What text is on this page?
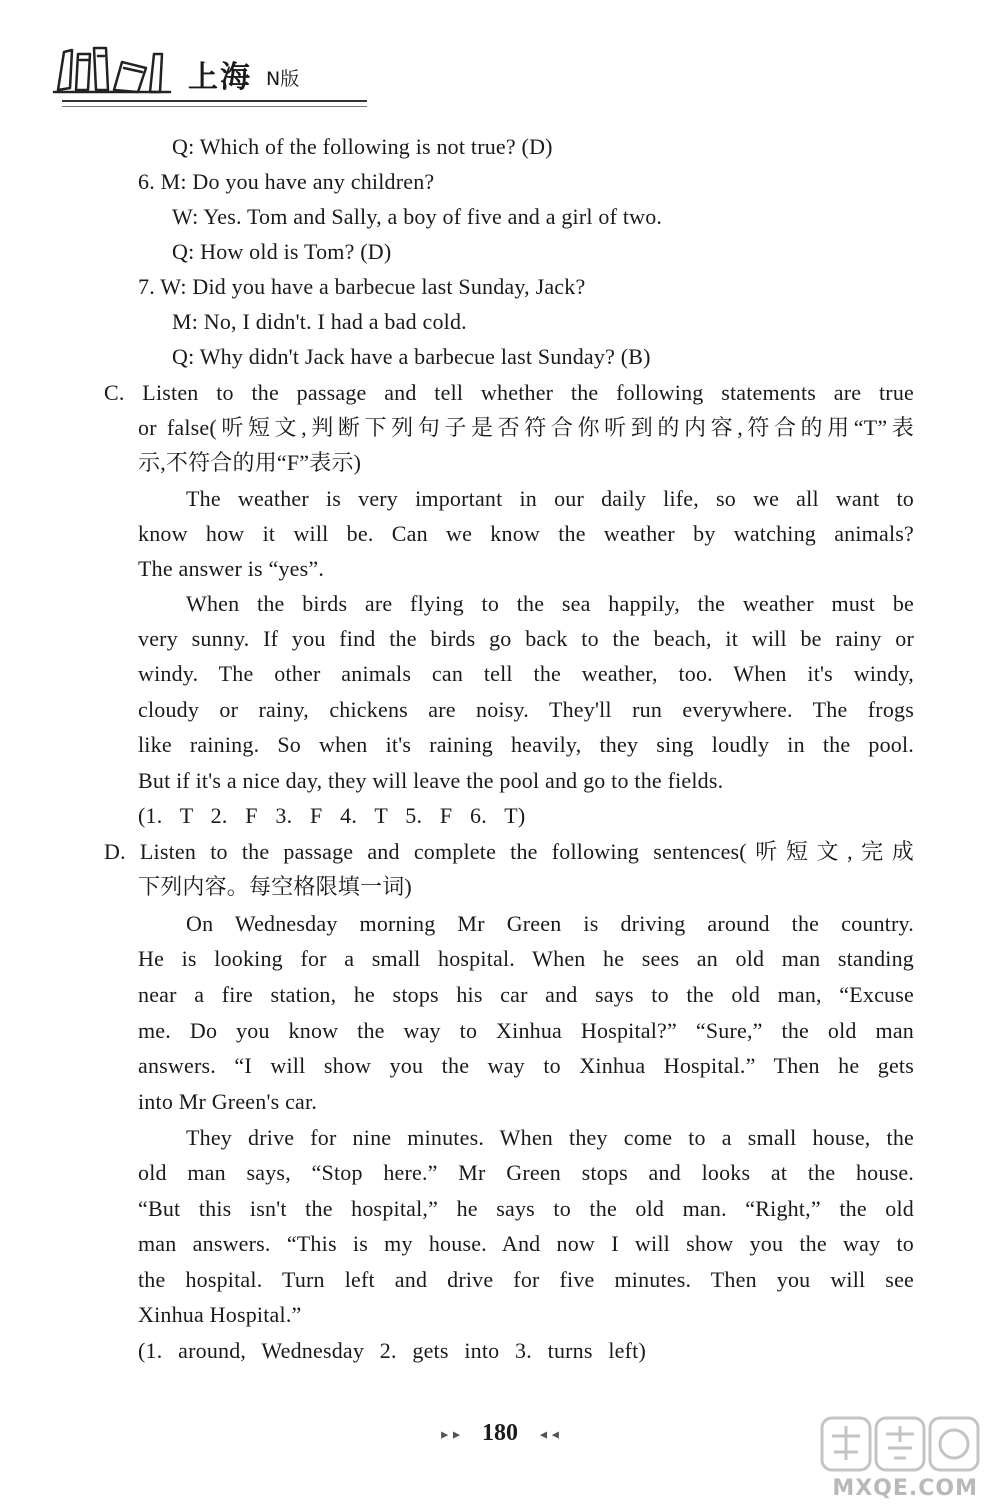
上海 N版
Q: Which of the following is not true? (D)
6. M: Do you have any children?
W: Yes. Tom and Sally, a boy of five and a girl of two.
Q: How old is Tom? (D)
7. W: Did you have a barbecue last Sunday, Jack?
M: No, I didn't. I had a bad cold.
Q: Why didn't Jack have a barbecue last Sunday? (B)
C. Listen to the passage and tell whether the following statements are true
or false(听短文,判断下列句子是否符合你听到的内容,符合的用“T”表
示,不符合的用“F”表示)
The weather is very important in our daily life, so we all want to
know how it will be. Can we know the weather by watching animals?
The answer is “yes”.
When the birds are flying to the sea happily, the weather must be
very sunny. If you find the birds go back to the beach, it will be rainy or
windy. The other animals can tell the weather, too. When it's windy,
cloudy or rainy, chickens are noisy. They'll run everywhere. The frogs
like raining. So when it's raining heavily, they sing loudly in the pool.
But if it's a nice day, they will leave the pool and go to the fields.
(1. T 2. F 3. F 4. T 5. F 6. T)
D. Listen to the passage and complete the following sentences(听短文,完成
下列内容。每空格限填一词)
On Wednesday morning Mr Green is driving around the country.
He is looking for a small hospital. When he sees an old man standing
near a fire station, he stops his car and says to the old man, “Excuse
me. Do you know the way to Xinhua Hospital?” “Sure,” the old man
answers. “I will show you the way to Xinhua Hospital.” Then he gets
into Mr Green's car.
They drive for nine minutes. When they come to a small house, the
old man says, “Stop here.” Mr Green stops and looks at the house.
“But this isn't the hospital,” he says to the old man. “Right,” the old
man answers. “This is my house. And now I will show you the way to
the hospital. Turn left and drive for five minutes. Then you will see
Xinhua Hospital.”
(1. around, Wednesday 2. gets into 3. turns left)
►► 180 ◄◄
MXQE.COM
